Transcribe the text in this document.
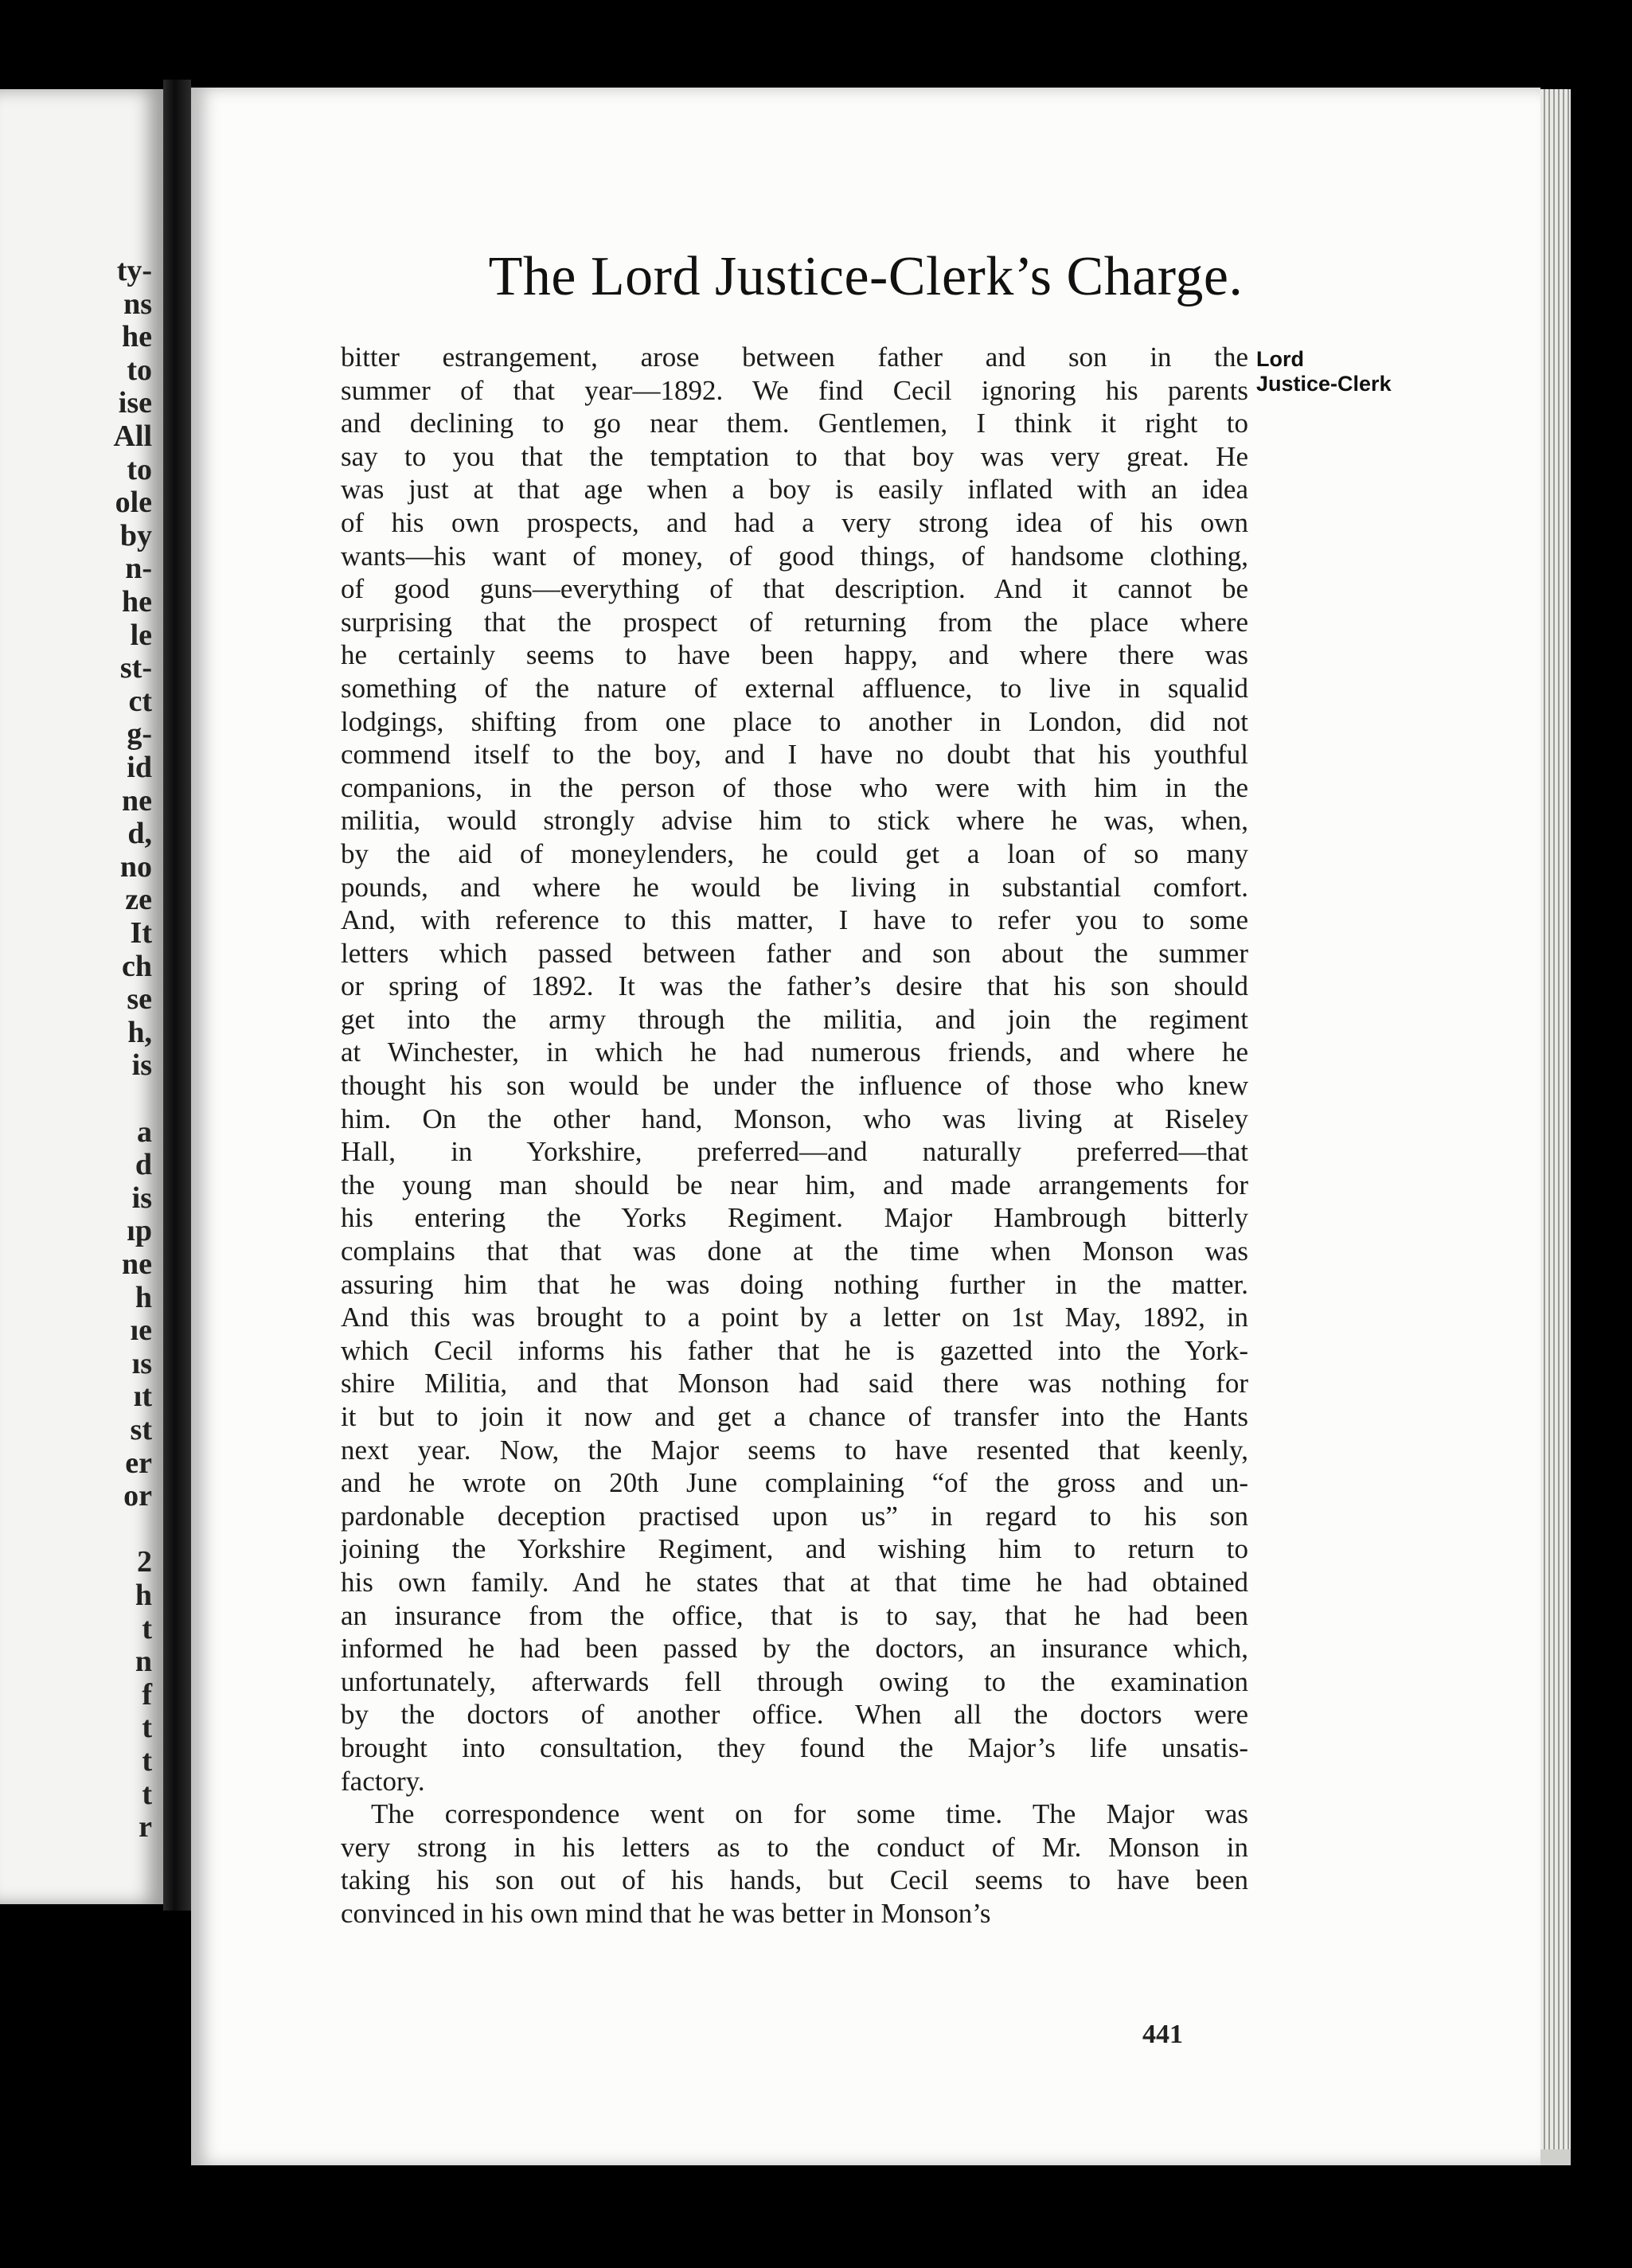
ty-
ns
he
to
ise
All
to
ole
by
n-
he
le
st-
ct
g-
id
ne
d,
no
ze
It
ch
se
h,
is
a
d
is
ıp
ne
h
ıe
ıs
ıt
st
er
or
2
h
t
n
f
t
t
t
r
The Lord Justice-Clerk’s Charge.
Lord
Justice-Clerk
bitter estrangement, arose between father and son in the
summer of that year—1892. We find Cecil ignoring his parents
and declining to go near them. Gentlemen, I think it right to
say to you that the temptation to that boy was very great. He
was just at that age when a boy is easily inflated with an idea
of his own prospects, and had a very strong idea of his own
wants—his want of money, of good things, of handsome clothing,
of good guns—everything of that description. And it cannot be
surprising that the prospect of returning from the place where
he certainly seems to have been happy, and where there was
something of the nature of external affluence, to live in squalid
lodgings, shifting from one place to another in London, did not
commend itself to the boy, and I have no doubt that his youthful
companions, in the person of those who were with him in the
militia, would strongly advise him to stick where he was, when,
by the aid of moneylenders, he could get a loan of so many
pounds, and where he would be living in substantial comfort.
And, with reference to this matter, I have to refer you to some
letters which passed between father and son about the summer
or spring of 1892. It was the father’s desire that his son should
get into the army through the militia, and join the regiment
at Winchester, in which he had numerous friends, and where he
thought his son would be under the influence of those who knew
him. On the other hand, Monson, who was living at Riseley
Hall, in Yorkshire, preferred—and naturally preferred—that
the young man should be near him, and made arrangements for
his entering the Yorks Regiment. Major Hambrough bitterly
complains that that was done at the time when Monson was
assuring him that he was doing nothing further in the matter.
And this was brought to a point by a letter on 1st May, 1892, in
which Cecil informs his father that he is gazetted into the York-
shire Militia, and that Monson had said there was nothing for
it but to join it now and get a chance of transfer into the Hants
next year. Now, the Major seems to have resented that keenly,
and he wrote on 20th June complaining “of the gross and un-
pardonable deception practised upon us” in regard to his son
joining the Yorkshire Regiment, and wishing him to return to
his own family. And he states that at that time he had obtained
an insurance from the office, that is to say, that he had been
informed he had been passed by the doctors, an insurance which,
unfortunately, afterwards fell through owing to the examination
by the doctors of another office. When all the doctors were
brought into consultation, they found the Major’s life unsatis-
factory.
The correspondence went on for some time. The Major was
very strong in his letters as to the conduct of Mr. Monson in
taking his son out of his hands, but Cecil seems to have been
convinced in his own mind that he was better in Monson’s
441
